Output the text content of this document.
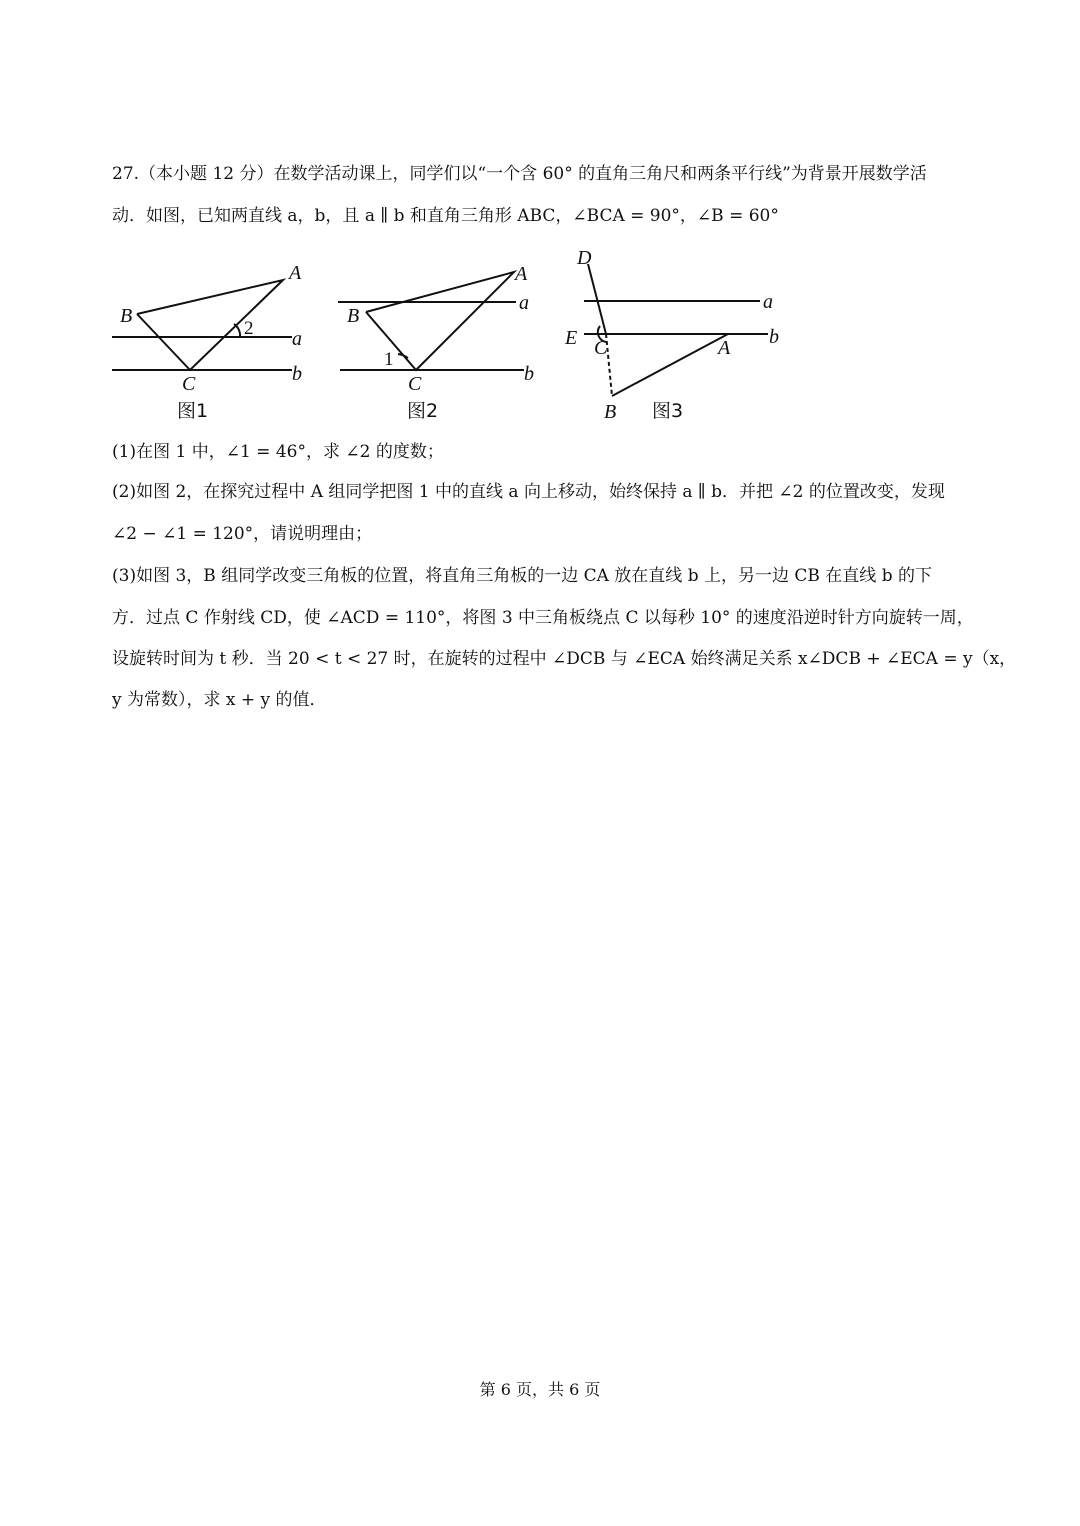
27.（本小题 12 分）在数学活动课上，同学们以“一个含 60° 的直角三角尺和两条平行线”为背景开展数学活
动．如图，已知两直线 a，b，且 a ∥ b 和直角三角形 ABC，∠BCA = 90°，∠B = 60°
A
B
C
a
b
2
图1
A
B
C
a
b
1
图2
D
E C	A
B
a
b
图3
(1)在图 1 中，∠1 = 46°，求 ∠2 的度数；
(2)如图 2，在探究过程中 A 组同学把图 1 中的直线 a 向上移动，始终保持 a ∥ b．并把 ∠2 的位置改变，发现
∠2 − ∠1 = 120°，请说明理由；
(3)如图 3，B 组同学改变三角板的位置，将直角三角板的一边 CA 放在直线 b 上，另一边 CB 在直线 b 的下
方．过点 C 作射线 CD，使 ∠ACD = 110°，将图 3 中三角板绕点 C 以每秒 10° 的速度沿逆时针方向旋转一周，
设旋转时间为 t 秒．当 20 < t < 27 时，在旋转的过程中 ∠DCB 与 ∠ECA 始终满足关系 x∠DCB + ∠ECA = y（x，
y 为常数），求 x + y 的值．
第 6 页，共 6 页
